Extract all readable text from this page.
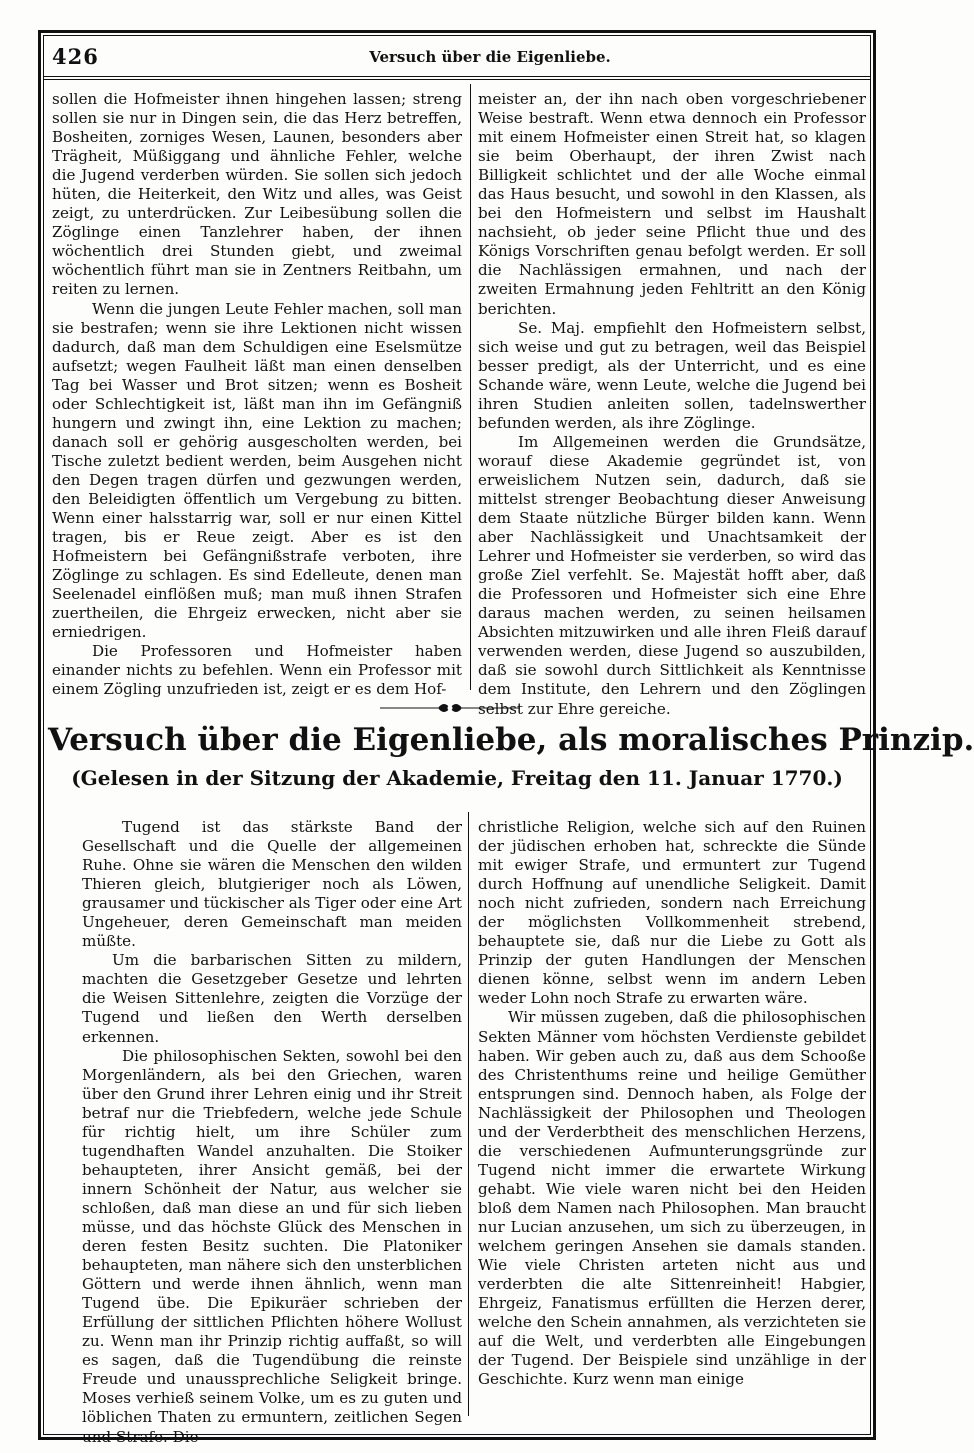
426	Versuch über die Eigenliebe.

sollen die Hofmeister ihnen hingehen lassen; streng sollen sie nur in Dingen sein, die das Herz betreffen, Bosheiten, zorniges Wesen, Launen, besonders aber Trägheit, Müßiggang und ähnliche Fehler, welche die Jugend verderben würden. Sie sollen sich jedoch hüten, die Heiterkeit, den Witz und alles, was Geist zeigt, zu unterdrücken. Zur Leibesübung sollen die Zöglinge einen Tanzlehrer haben, der ihnen wöchentlich drei Stunden giebt, und zweimal wöchentlich führt man sie in Zentners Reitbahn, um reiten zu lernen.

Wenn die jungen Leute Fehler machen, soll man sie bestrafen; wenn sie ihre Lektionen nicht wissen dadurch, daß man dem Schuldigen eine Eselsmütze aufsetzt; wegen Faulheit läßt man einen denselben Tag bei Wasser und Brot sitzen; wenn es Bosheit oder Schlechtigkeit ist, läßt man ihn im Gefängniß hungern und zwingt ihn, eine Lektion zu machen; danach soll er gehörig ausgescholten werden, bei Tische zuletzt bedient werden, beim Ausgehen nicht den Degen tragen dürfen und gezwungen werden, den Beleidigten öffentlich um Vergebung zu bitten. Wenn einer halsstarrig war, soll er nur einen Kittel tragen, bis er Reue zeigt. Aber es ist den Hofmeistern bei Gefängnißstrafe verboten, ihre Zöglinge zu schlagen. Es sind Edelleute, denen man Seelenadel einflößen muß; man muß ihnen Strafen zuertheilen, die Ehrgeiz erwecken, nicht aber sie erniedrigen.

Die Professoren und Hofmeister haben einander nichts zu befehlen. Wenn ein Professor mit einem Zögling unzufrieden ist, zeigt er es dem Hof-

meister an, der ihn nach oben vorgeschriebener Weise bestraft. Wenn etwa dennoch ein Professor mit einem Hofmeister einen Streit hat, so klagen sie beim Oberhaupt, der ihren Zwist nach Billigkeit schlichtet und der alle Woche einmal das Haus besucht, und sowohl in den Klassen, als bei den Hofmeistern und selbst im Haushalt nachsieht, ob jeder seine Pflicht thue und des Königs Vorschriften genau befolgt werden. Er soll die Nachlässigen ermahnen, und nach der zweiten Ermahnung jeden Fehltritt an den König berichten.

Se. Maj. empfiehlt den Hofmeistern selbst, sich weise und gut zu betragen, weil das Beispiel besser predigt, als der Unterricht, und es eine Schande wäre, wenn Leute, welche die Jugend bei ihren Studien anleiten sollen, tadelnswerther befunden werden, als ihre Zöglinge.

Im Allgemeinen werden die Grundsätze, worauf diese Akademie gegründet ist, von erweislichem Nutzen sein, dadurch, daß sie mittelst strenger Beobachtung dieser Anweisung dem Staate nützliche Bürger bilden kann. Wenn aber Nachlässigkeit und Unachtsamkeit der Lehrer und Hofmeister sie verderben, so wird das große Ziel verfehlt. Se. Majestät hofft aber, daß die Professoren und Hofmeister sich eine Ehre daraus machen werden, zu seinen heilsamen Absichten mitzuwirken und alle ihren Fleiß darauf verwenden werden, diese Jugend so auszubilden, daß sie sowohl durch Sittlichkeit als Kenntnisse dem Institute, den Lehrern und den Zöglingen selbst zur Ehre gereiche.

Versuch über die Eigenliebe, als moralisches Prinzip.
(Gelesen in der Sitzung der Akademie, Freitag den 11. Januar 1770.)

Tugend ist das stärkste Band der Gesellschaft und die Quelle der allgemeinen Ruhe. Ohne sie wären die Menschen den wilden Thieren gleich, blutgieriger noch als Löwen, grausamer und tückischer als Tiger oder eine Art Ungeheuer, deren Gemeinschaft man meiden müßte.

Um die barbarischen Sitten zu mildern, machten die Gesetzgeber Gesetze und lehrten die Weisen Sittenlehre, zeigten die Vorzüge der Tugend und ließen den Werth derselben erkennen.

Die philosophischen Sekten, sowohl bei den Morgenländern, als bei den Griechen, waren über den Grund ihrer Lehren einig und ihr Streit betraf nur die Triebfedern, welche jede Schule für richtig hielt, um ihre Schüler zum tugendhaften Wandel anzuhalten. Die Stoiker behaupteten, ihrer Ansicht gemäß, bei der innern Schönheit der Natur, aus welcher sie schloßen, daß man diese an und für sich lieben müsse, und das höchste Glück des Menschen in deren festen Besitz suchten. Die Platoniker behaupteten, man nähere sich den unsterblichen Göttern und werde ihnen ähnlich, wenn man Tugend übe. Die Epikuräer schrieben der Erfüllung der sittlichen Pflichten höhere Wollust zu. Wenn man ihr Prinzip richtig auffaßt, so will es sagen, daß die Tugendübung die reinste Freude und unaussprechliche Seligkeit bringe. Moses verhieß seinem Volke, um es zu guten und löblichen Thaten zu ermuntern, zeitlichen Segen und Strafe. Die

christliche Religion, welche sich auf den Ruinen der jüdischen erhoben hat, schreckte die Sünde mit ewiger Strafe, und ermuntert zur Tugend durch Hoffnung auf unendliche Seligkeit. Damit noch nicht zufrieden, sondern nach Erreichung der möglichsten Vollkommenheit strebend, behauptete sie, daß nur die Liebe zu Gott als Prinzip der guten Handlungen der Menschen dienen könne, selbst wenn im andern Leben weder Lohn noch Strafe zu erwarten wäre.

Wir müssen zugeben, daß die philosophischen Sekten Männer vom höchsten Verdienste gebildet haben. Wir geben auch zu, daß aus dem Schooße des Christenthums reine und heilige Gemüther entsprungen sind. Dennoch haben, als Folge der Nachlässigkeit der Philosophen und Theologen und der Verderbtheit des menschlichen Herzens, die verschiedenen Aufmunterungsgründe zur Tugend nicht immer die erwartete Wirkung gehabt. Wie viele waren nicht bei den Heiden bloß dem Namen nach Philosophen. Man braucht nur Lucian anzusehen, um sich zu überzeugen, in welchem geringen Ansehen sie damals standen. Wie viele Christen arteten nicht aus und verderbten die alte Sittenreinheit! Habgier, Ehrgeiz, Fanatismus erfüllten die Herzen derer, welche den Schein annahmen, als verzichteten sie auf die Welt, und verderbten alle Eingebungen der Tugend. Der Beispiele sind unzählige in der Geschichte. Kurz wenn man einige
